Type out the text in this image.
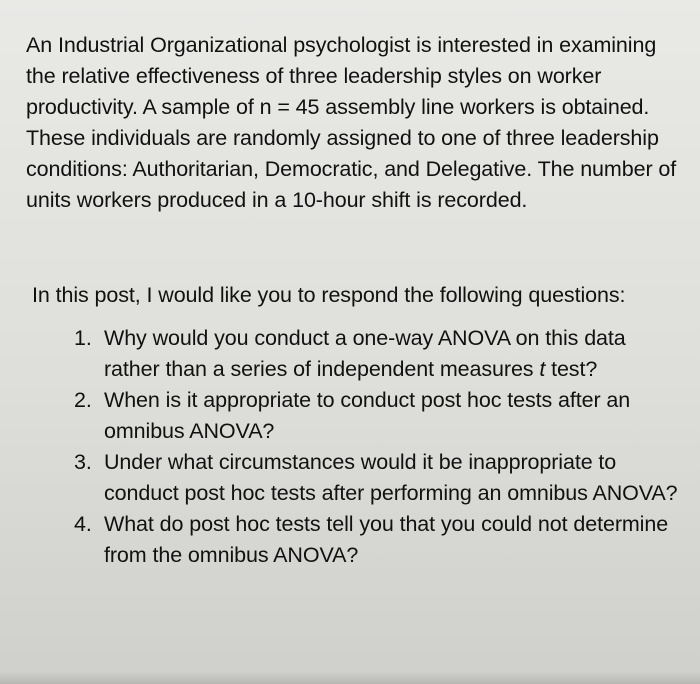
An Industrial Organizational psychologist is interested in examining the relative effectiveness of three leadership styles on worker productivity. A sample of n = 45 assembly line workers is obtained. These individuals are randomly assigned to one of three leadership conditions: Authoritarian, Democratic, and Delegative. The number of units workers produced in a 10-hour shift is recorded.

In this post, I would like you to respond the following questions:

1. Why would you conduct a one-way ANOVA on this data rather than a series of independent measures t test?
2. When is it appropriate to conduct post hoc tests after an omnibus ANOVA?
3. Under what circumstances would it be inappropriate to conduct post hoc tests after performing an omnibus ANOVA?
4. What do post hoc tests tell you that you could not determine from the omnibus ANOVA?
